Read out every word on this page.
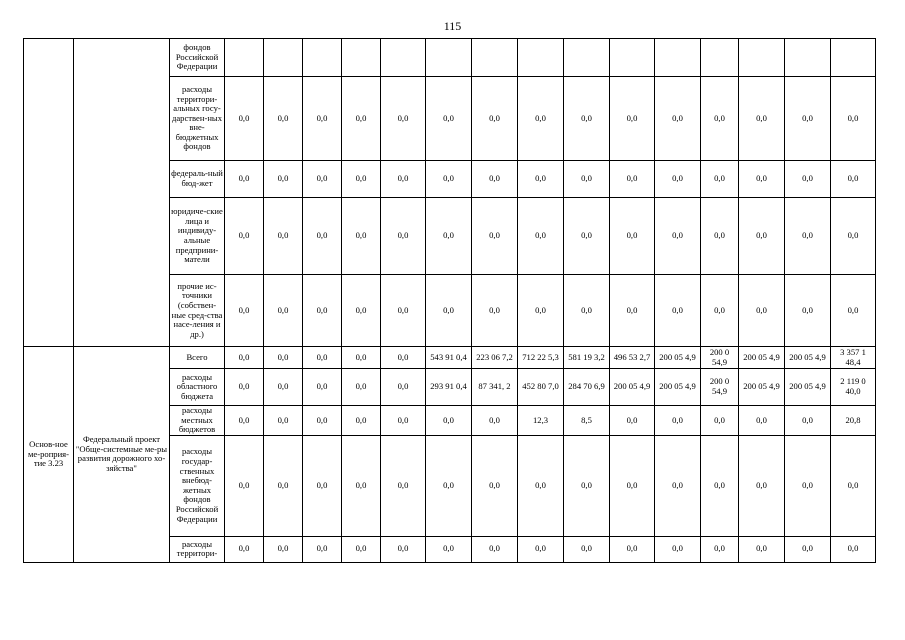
115
		фондов Российской Федерации															
		расходы территори-альных госу-дарствен-ных вне-бюджетных фондов	0,0	0,0	0,0	0,0	0,0	0,0	0,0	0,0	0,0	0,0	0,0	0,0	0,0	0,0	0,0
		федераль-ный бюд-жет	0,0	0,0	0,0	0,0	0,0	0,0	0,0	0,0	0,0	0,0	0,0	0,0	0,0	0,0	0,0
		юридиче-ские лица и индивиду-альные предприни-матели	0,0	0,0	0,0	0,0	0,0	0,0	0,0	0,0	0,0	0,0	0,0	0,0	0,0	0,0	0,0
		прочие ис-точники (собствен-ные сред-ства насе-ления и др.)	0,0	0,0	0,0	0,0	0,0	0,0	0,0	0,0	0,0	0,0	0,0	0,0	0,0	0,0	0,0
Основ-ное ме-роприя-тие 3.23	Федеральный проект "Обще-системные ме-ры развития дорожного хо-зяйства"	Всего	0,0	0,0	0,0	0,0	0,0	543 91 0,4	223 06 7,2	712 22 5,3	581 19 3,2	496 53 2,7	200 05 4,9	200 0 54,9	200 05 4,9	200 05 4,9	3 357 1 48,4
		расходы областного бюджета	0,0	0,0	0,0	0,0	0,0	293 91 0,4	87 341, 2	452 80 7,0	284 70 6,9	200 05 4,9	200 05 4,9	200 0 54,9	200 05 4,9	200 05 4,9	2 119 0 40,0
		расходы местных бюджетов	0,0	0,0	0,0	0,0	0,0	0,0	0,0	12,3	8,5	0,0	0,0	0,0	0,0	0,0	20,8
		расходы государ-ственных внебюд-жетных фондов Российской Федерации	0,0	0,0	0,0	0,0	0,0	0,0	0,0	0,0	0,0	0,0	0,0	0,0	0,0	0,0	0,0
		расходы территори-	0,0	0,0	0,0	0,0	0,0	0,0	0,0	0,0	0,0	0,0	0,0	0,0	0,0	0,0	0,0
